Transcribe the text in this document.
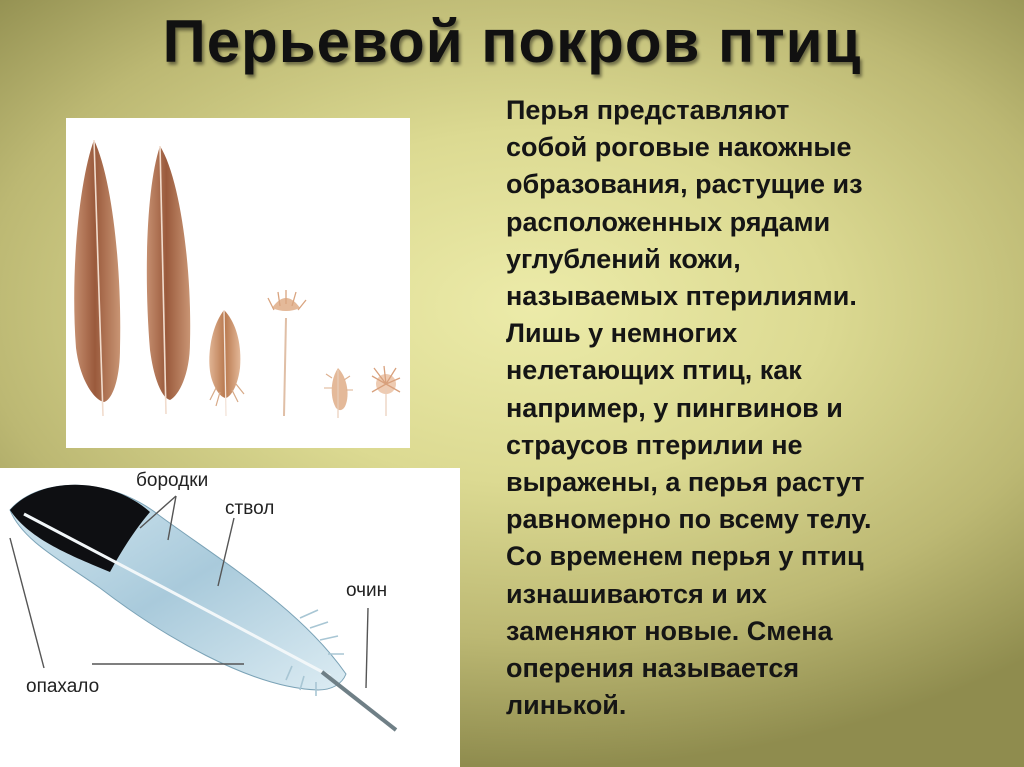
Перьевой покров птиц
бородки
ствол
очин
опахало
Перья представляют
собой роговые накожные
образования, растущие из
расположенных рядами
углублений кожи,
называемых птерилиями.
Лишь у немногих
нелетающих птиц, как
например, у пингвинов и
страусов птерилии не
выражены, а перья растут
равномерно по всему телу.
Со временем перья у птиц
изнашиваются и их
заменяют новые. Смена
оперения называется
линькой.
